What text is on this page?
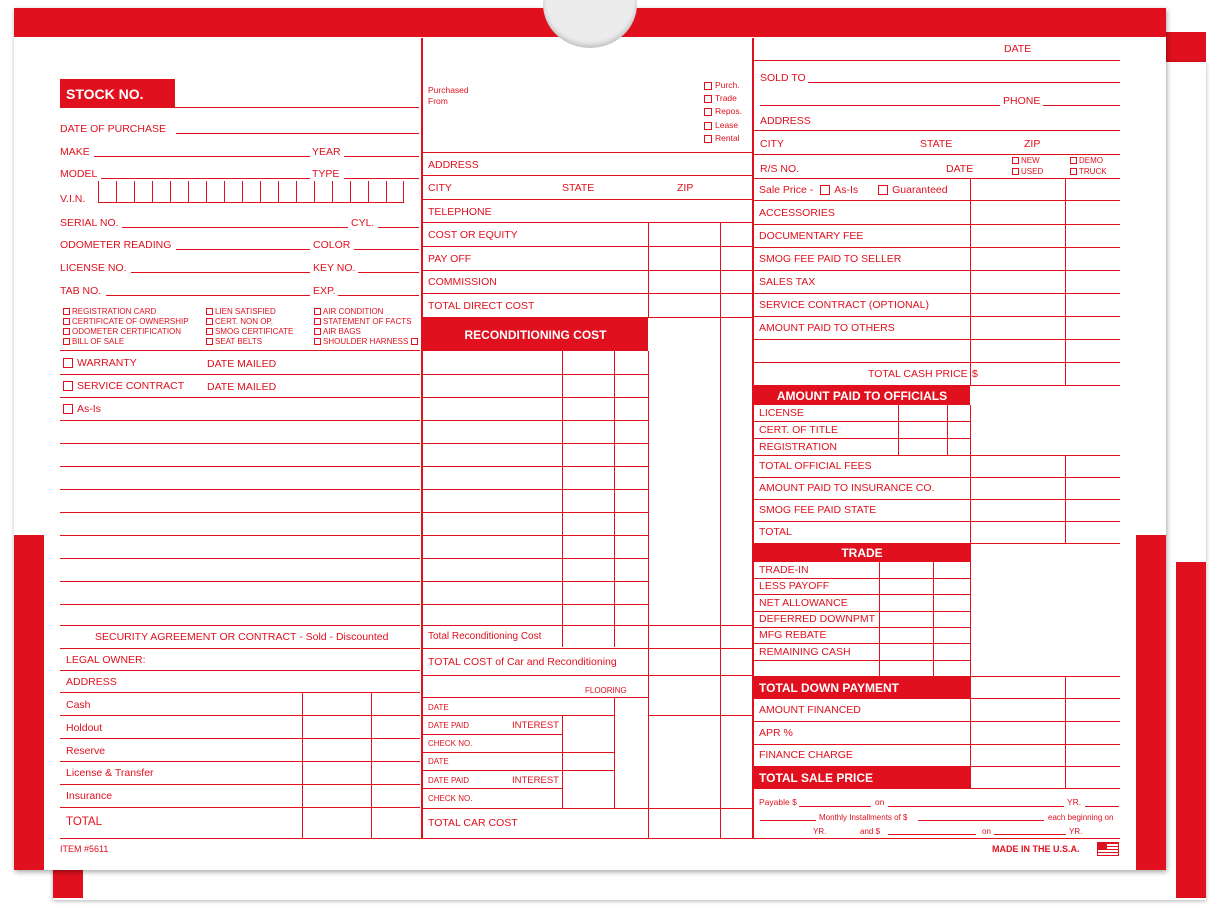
STOCK NO.
DATE OF PURCHASE
MAKE	YEAR
MODEL	TYPE
V.I.N.
SERIAL NO.	CYL.
ODOMETER READING	COLOR
LICENSE NO.	KEY NO.
TAB NO.	EXP.
REGISTRATION CARD
CERTIFICATE OF OWNERSHIP
ODOMETER CERTIFICATION
BILL OF SALE
LIEN SATISFIED
CERT. NON OP.
SMOG CERTIFICATE
SEAT BELTS
AIR CONDITION
STATEMENT OF FACTS
AIR BAGS
SHOULDER HARNESS
WARRANTY	DATE MAILED
SERVICE CONTRACT DATE MAILED
As-Is
SECURITY AGREEMENT OR CONTRACT - Sold - Discounted
LEGAL OWNER:
ADDRESS
Cash
Holdout
Reserve
License & Transfer
Insurance
TOTAL
ITEM #5611
Purchased
From
Purch.
Trade
Repos.
Lease
Rental
ADDRESS
CITY	STATE	ZIP
TELEPHONE
COST OR EQUITY
PAY OFF
COMMISSION
TOTAL DIRECT COST
RECONDITIONING COST
Total Reconditioning Cost
TOTAL COST of Car and Reconditioning
FLOORING
DATE
DATE PAID	INTEREST
CHECK NO.
DATE
DATE PAID	INTEREST
CHECK NO.
TOTAL CAR COST
DATE
SOLD TO
PHONE
ADDRESS
CITY	STATE	ZIP
R/S NO.	DATE
NEW
USED
DEMO
TRUCK
Sale Price - As-Is	Guaranteed
ACCESSORIES
DOCUMENTARY FEE
SMOG FEE PAID TO SELLER
SALES TAX
SERVICE CONTRACT (OPTIONAL)
AMOUNT PAID TO OTHERS
TOTAL CASH PRICE $
AMOUNT PAID TO OFFICIALS
LICENSE
CERT. OF TITLE
REGISTRATION
TOTAL OFFICIAL FEES
AMOUNT PAID TO INSURANCE CO.
SMOG FEE PAID STATE
TOTAL
TRADE
TRADE-IN
LESS PAYOFF
NET ALLOWANCE
DEFERRED DOWNPMT
MFG REBATE
REMAINING CASH
TOTAL DOWN PAYMENT
AMOUNT FINANCED
APR %
FINANCE CHARGE
TOTAL SALE PRICE
Payable $	on	YR.
Monthly Installments of $	each beginning on
YR.	and $	on	YR.
MADE IN THE U.S.A.
